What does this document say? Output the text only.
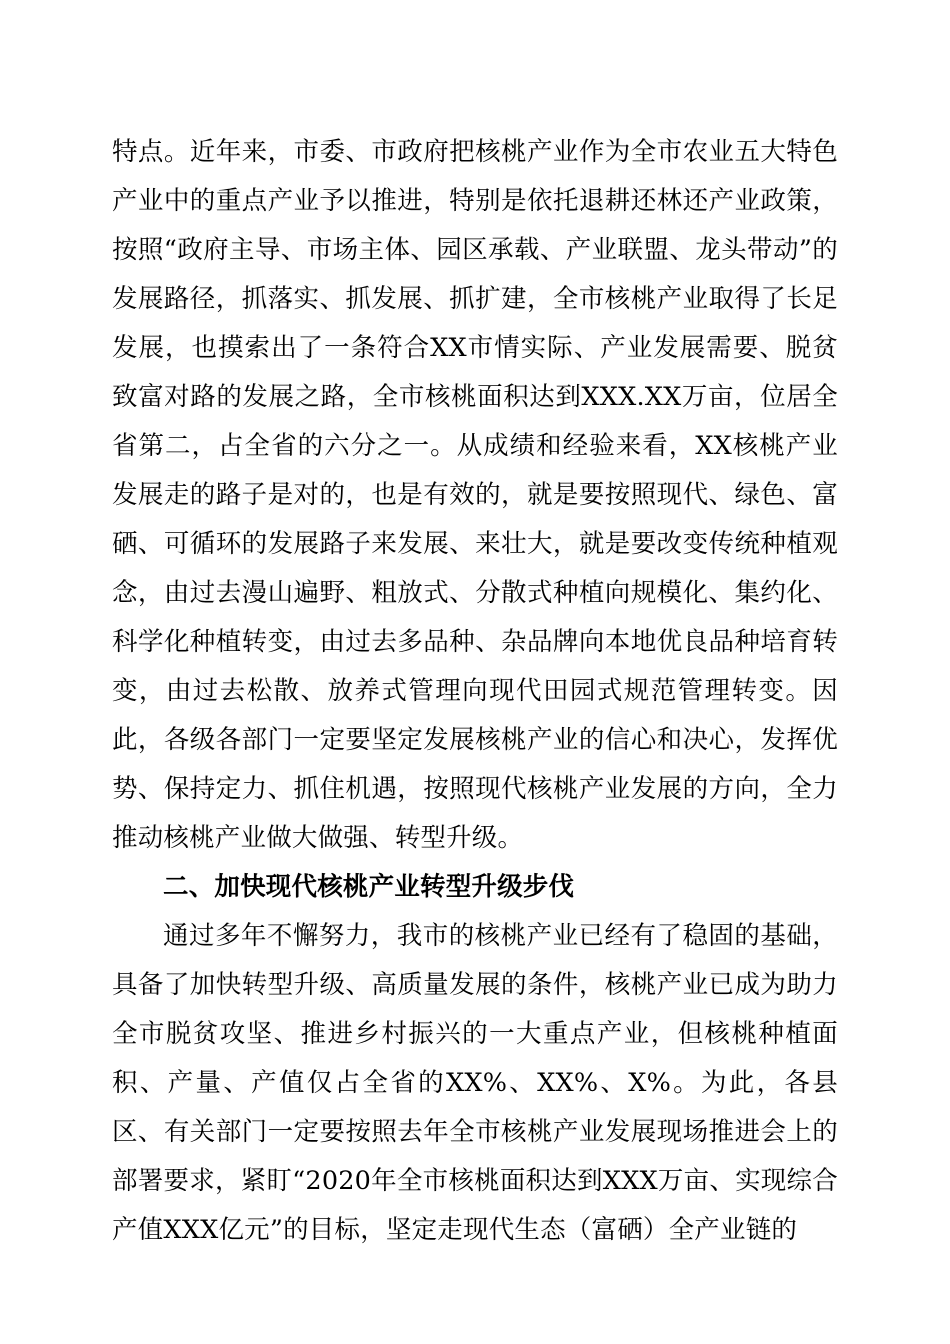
特点。近年来，市委、市政府把核桃产业作为全市农业五大特色产业中的重点产业予以推进，特别是依托退耕还林还产业政策，按照“政府主导、市场主体、园区承载、产业联盟、龙头带动”的发展路径，抓落实、抓发展、抓扩建，全市核桃产业取得了长足发展，也摸索出了一条符合XX市情实际、产业发展需要、脱贫致富对路的发展之路，全市核桃面积达到XXX.XX万亩，位居全省第二，占全省的六分之一。从成绩和经验来看，XX核桃产业发展走的路子是对的，也是有效的，就是要按照现代、绿色、富硒、可循环的发展路子来发展、来壮大，就是要改变传统种植观念，由过去漫山遍野、粗放式、分散式种植向规模化、集约化、科学化种植转变，由过去多品种、杂品牌向本地优良品种培育转变，由过去松散、放养式管理向现代田园式规范管理转变。因此，各级各部门一定要坚定发展核桃产业的信心和决心，发挥优势、保持定力、抓住机遇，按照现代核桃产业发展的方向，全力推动核桃产业做大做强、转型升级。

二、加快现代核桃产业转型升级步伐

通过多年不懈努力，我市的核桃产业已经有了稳固的基础，具备了加快转型升级、高质量发展的条件，核桃产业已成为助力全市脱贫攻坚、推进乡村振兴的一大重点产业，但核桃种植面积、产量、产值仅占全省的XX%、XX%、X%。为此，各县区、有关部门一定要按照去年全市核桃产业发展现场推进会上的部署要求，紧盯“2020年全市核桃面积达到XXX万亩、实现综合产值XXX亿元”的目标，坚定走现代生态（富硒）全产业链的
